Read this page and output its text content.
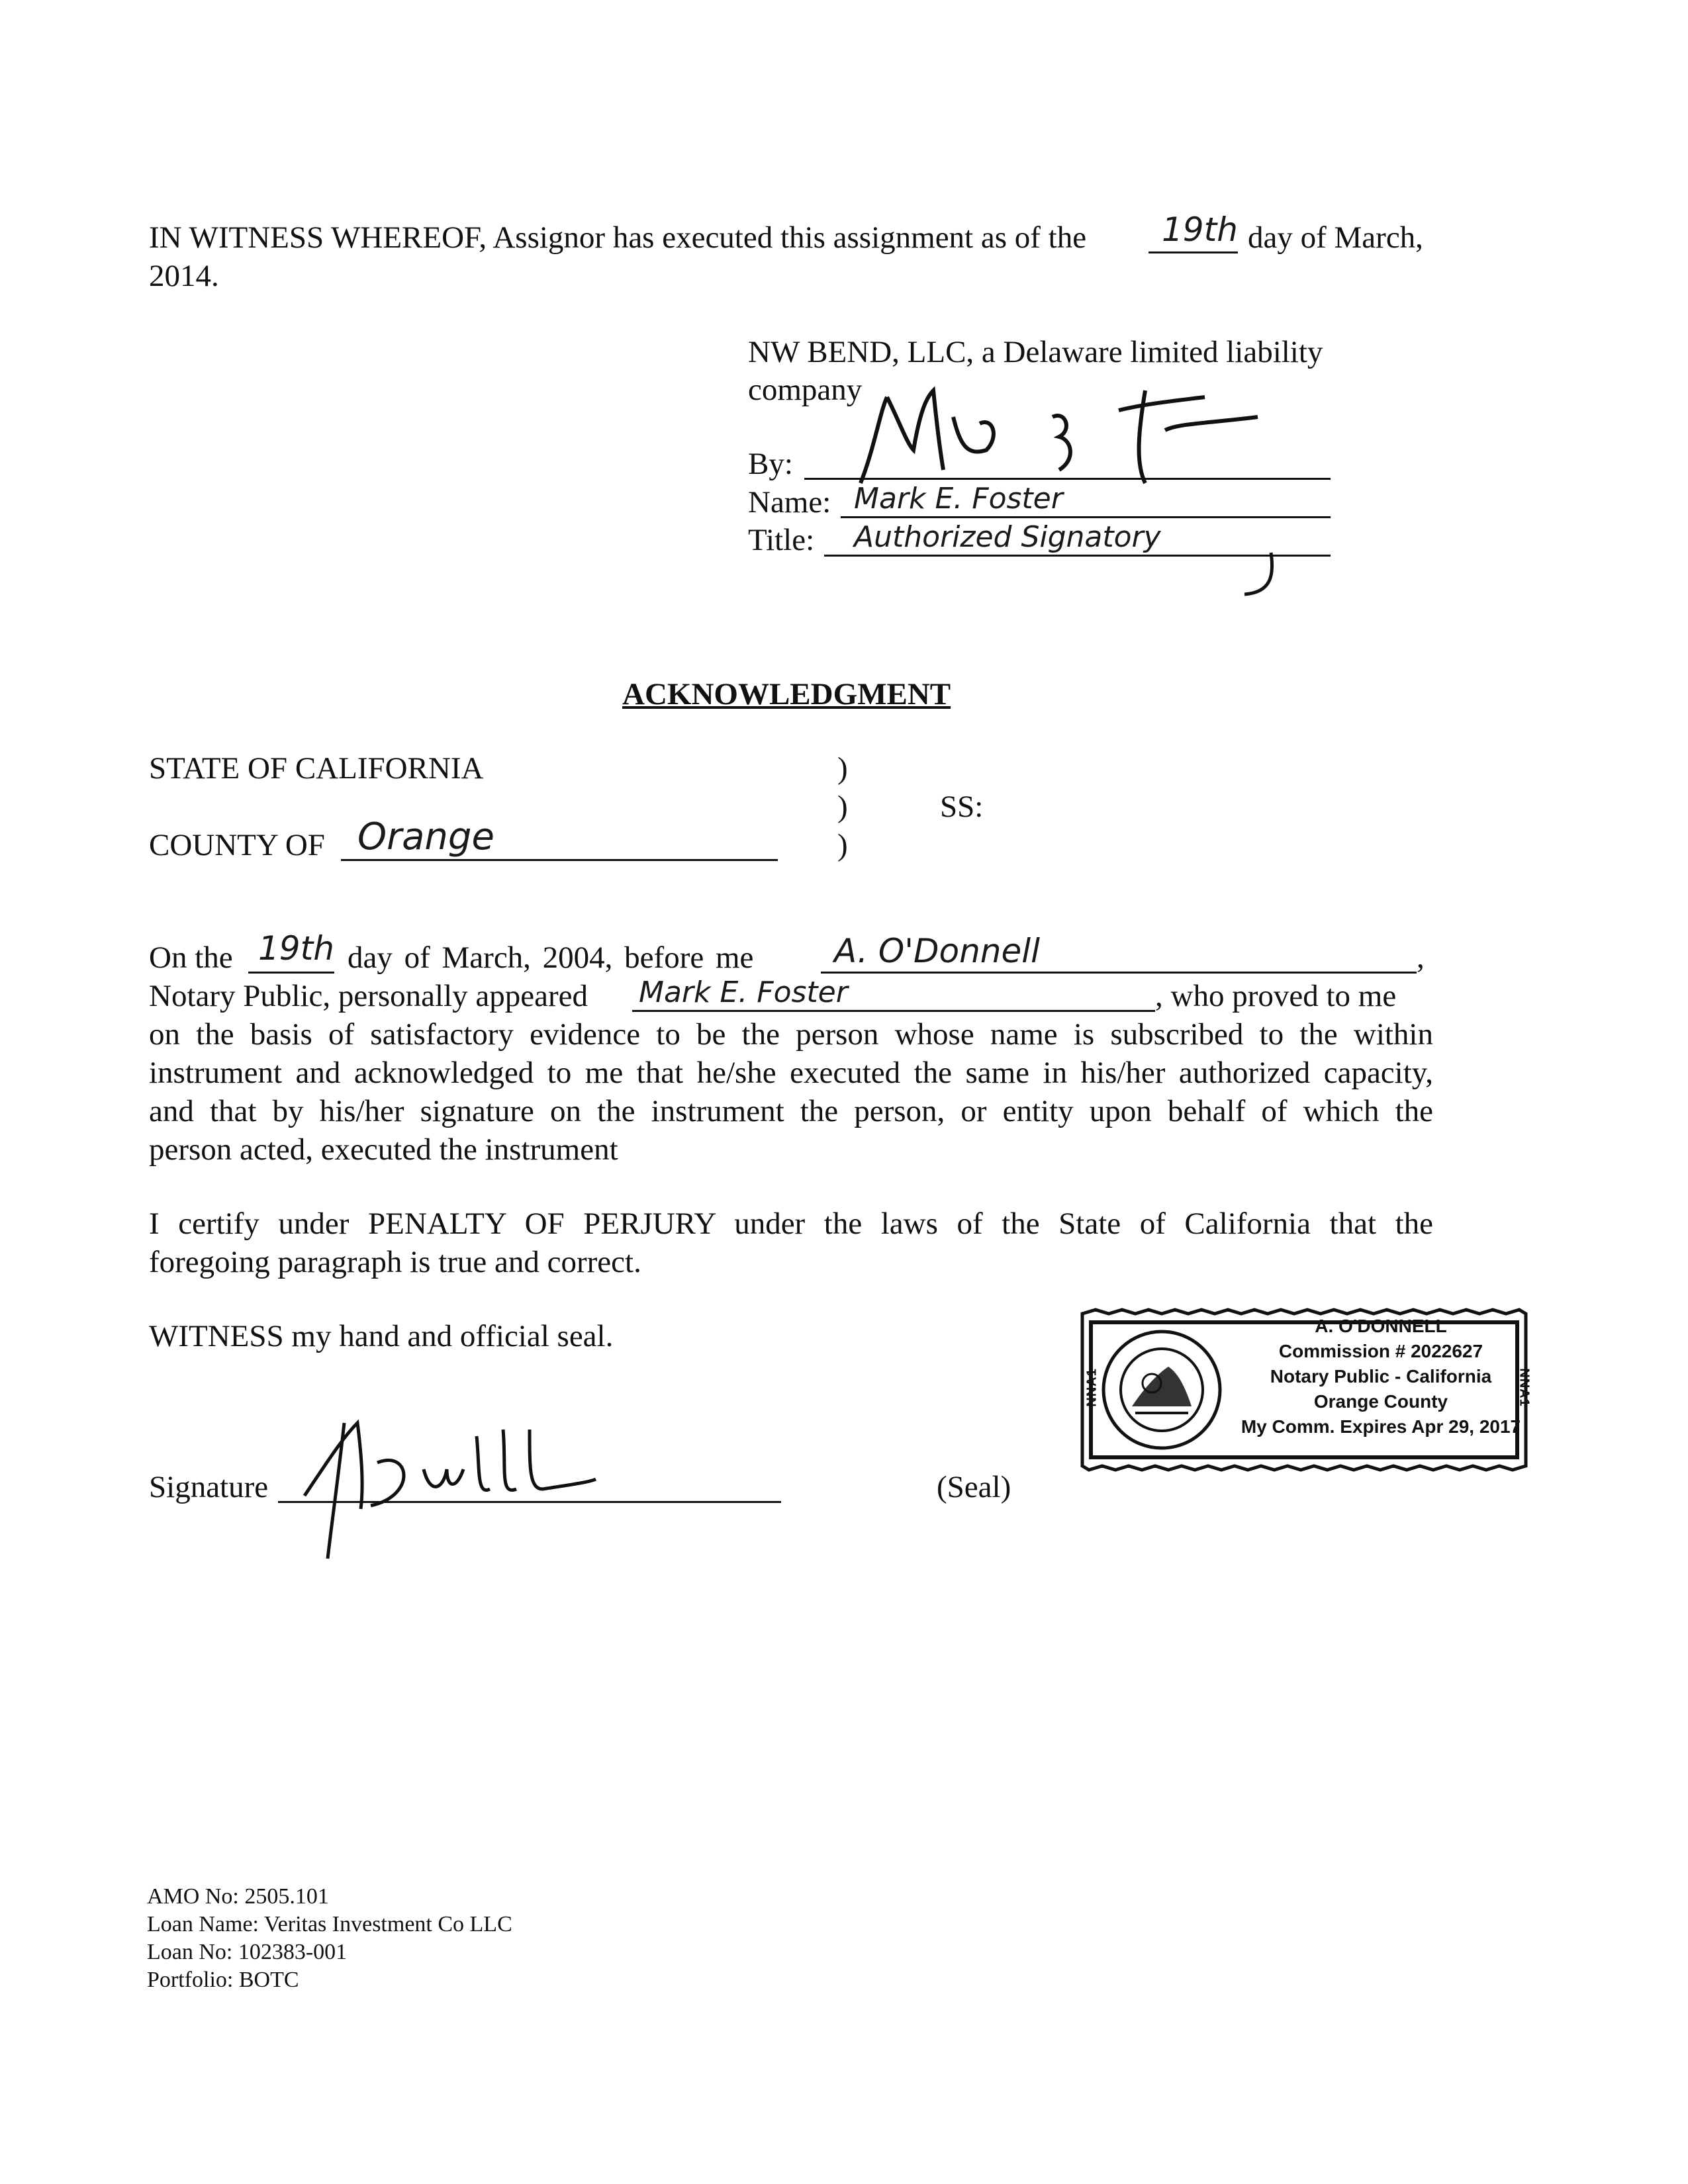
IN WITNESS WHEREOF, Assignor has executed this assignment as of the 19th day of March,
2014.
NW BEND, LLC, a Delaware limited liability
company
By:
Name: Mark E. Foster
Title: Authorized Signatory
ACKNOWLEDGMENT
STATE OF CALIFORNIA	)
)	SS:
)
COUNTY OF Orange
On the 19th day of March, 2004, before me A. O'Donnell	,
Notary Public, personally appeared Mark E. Foster	, who proved to me
on the basis of satisfactory evidence to be the person whose name is subscribed to the within
instrument and acknowledged to me that he/she executed the same in his/her authorized capacity,
and that by his/her signature on the instrument the person, or entity upon behalf of which the
person acted, executed the instrument
I certify under PENALTY OF PERJURY under the laws of the State of California that the
foregoing paragraph is true and correct.
WITNESS my hand and official seal.	A. O'DONNELL
Commission # 2022627
Notary Public - California
Orange County
My Comm. Expires Apr 29, 2017
NNA1	NNA1
Signature	(Seal)
AMO No: 2505.101
Loan Name: Veritas Investment Co LLC
Loan No: 102383-001
Portfolio: BOTC
